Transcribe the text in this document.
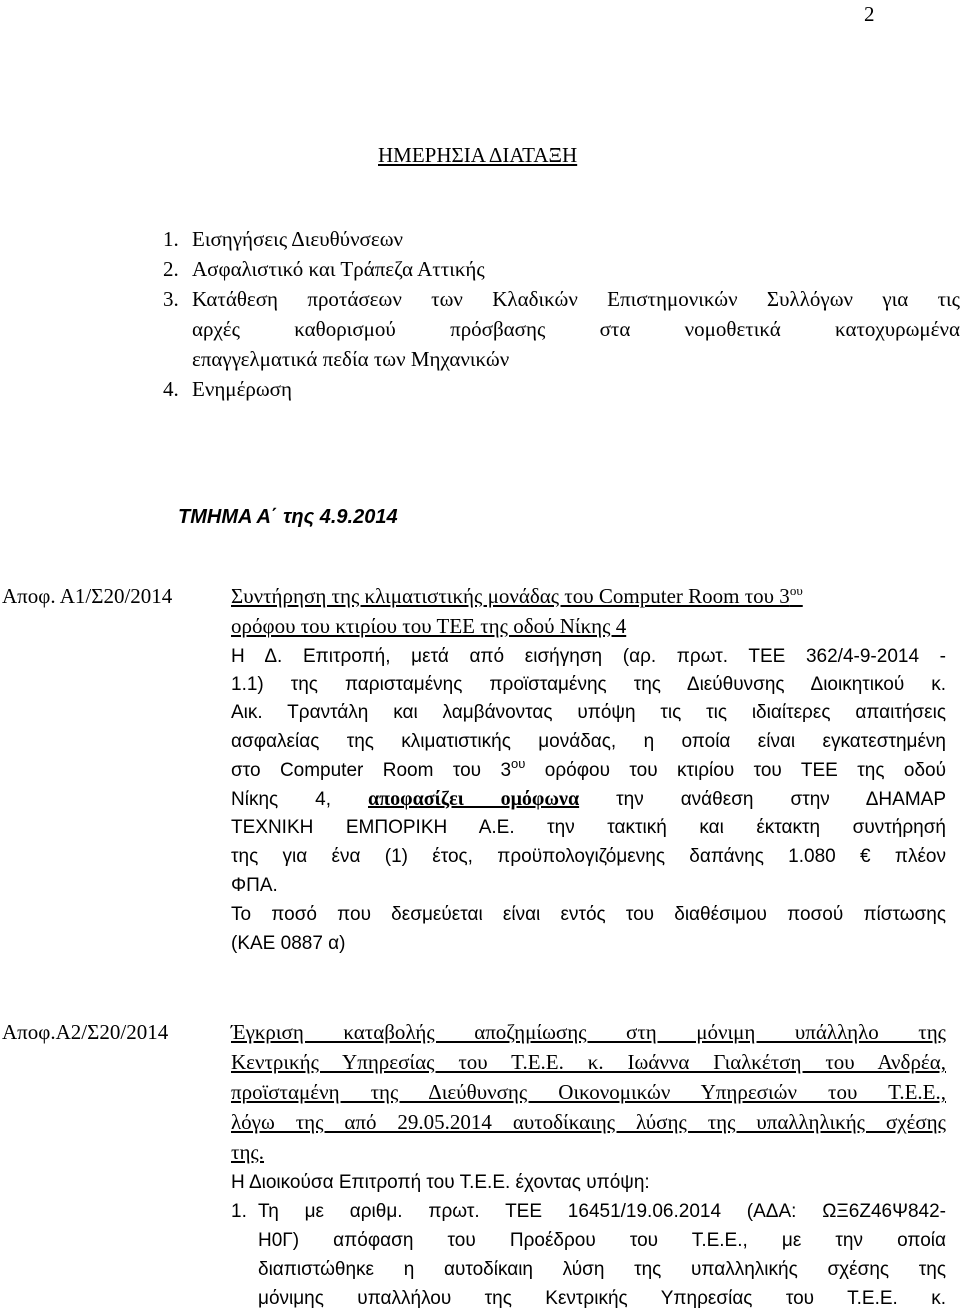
2
ΗΜΕΡΗΣΙΑ ΔΙΑΤΑΞΗ
1. Εισηγήσεις Διευθύνσεων
2. Ασφαλιστικό και Τράπεζα Αττικής
3. Κατάθεση προτάσεων των Κλαδικών Επιστημονικών Συλλόγων για τις
αρχές καθορισμού πρόσβασης στα νομοθετικά κατοχυρωμένα
επαγγελματικά πεδία των Μηχανικών
4. Ενημέρωση
ΤΜΗΜΑ Α΄ της 4.9.2014
Αποφ. Α1/Σ20/2014	Συντήρηση της κλιματιστικής μονάδας του Computer Room του $3^{o\upsilon}$
ορόφου του κτιρίου του ΤΕΕ της οδού Νίκης 4
Η Δ. Επιτροπή, μετά από εισήγηση (αρ. πρωτ. ΤΕΕ 362/4-9-2014 -
1.1) της παρισταμένης προϊσταμένης της Διεύθυνσης Διοικητικού κ.
Αικ. Τραντάλη και λαμβάνοντας υπόψη τις τις ιδιαίτερες απαιτήσεις
ασφαλείας της κλιματιστικής μονάδας, η οποία είναι εγκατεστημένη
στο Computer Room του $3^{o\upsilon}$ ορόφου του κτιρίου του ΤΕΕ της οδού
Νίκης 4, αποφασίζει ομόφωνα την ανάθεση στην ΔΗΑΜΑΡ
ΤΕΧΝΙΚΗ ΕΜΠΟΡΙΚΗ Α.Ε. την τακτική και έκτακτη συντήρησή
της για ένα (1) έτος, προϋπολογιζόμενης δαπάνης 1.080 € πλέον
ΦΠΑ.
Το ποσό που δεσμεύεται είναι εντός του διαθέσιμου ποσού πίστωσης
(ΚΑΕ 0887 α)
Αποφ.Α2/Σ20/2014	Έγκριση καταβολής αποζημίωσης στη μόνιμη υπάλληλο της
Κεντρικής Υπηρεσίας του Τ.Ε.Ε. κ. Ιωάννα Γιαλκέτση του Ανδρέα,
προϊσταμένη της Διεύθυνσης Οικονομικών Υπηρεσιών του Τ.Ε.Ε.,
λόγω της από 29.05.2014 αυτοδίκαιης λύσης της υπαλληλικής σχέσης
της.
Η Διοικούσα Επιτροπή του Τ.Ε.Ε. έχοντας υπόψη:
1. Τη με αριθμ. πρωτ. ΤΕΕ 16451/19.06.2014 (ΑΔΑ: ΩΞ6Ζ46Ψ842-
Η0Γ) απόφαση του Προέδρου του Τ.Ε.Ε., με την οποία
διαπιστώθηκε η αυτοδίκαιη λύση της υπαλληλικής σχέσης της
μόνιμης υπαλλήλου της Κεντρικής Υπηρεσίας του Τ.Ε.Ε. κ.
